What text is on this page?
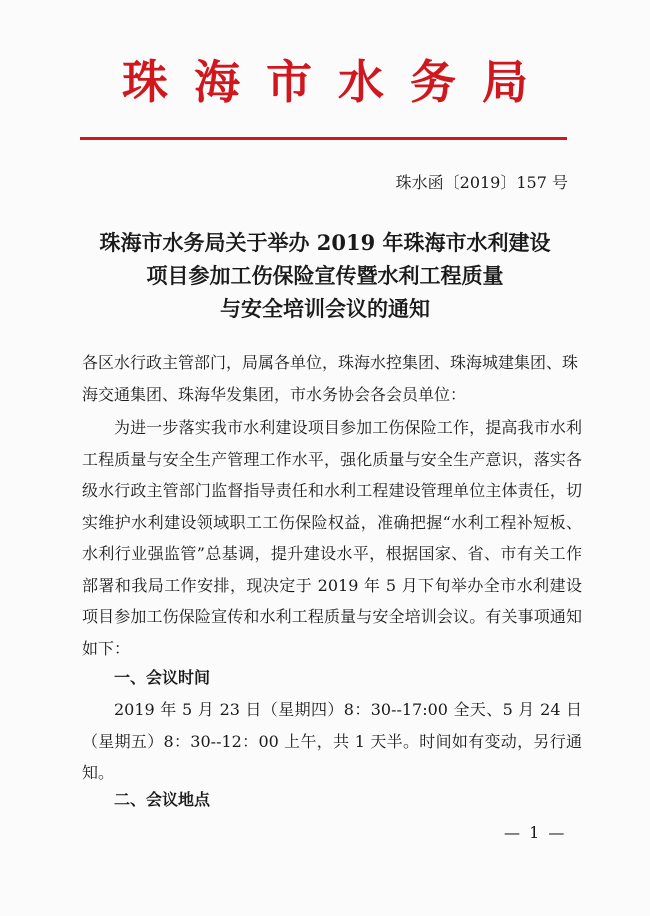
珠海市水务局
珠水函〔2019〕157 号
珠海市水务局关于举办 2019 年珠海市水利建设
项目参加工伤保险宣传暨水利工程质量
与安全培训会议的通知
各区水行政主管部门，局属各单位，珠海水控集团、珠海城建集团、珠海交通集团、珠海华发集团，市水务协会各会员单位：

为进一步落实我市水利建设项目参加工伤保险工作，提高我市水利工程质量与安全生产管理工作水平，强化质量与安全生产意识，落实各级水行政主管部门监督指导责任和水利工程建设管理单位主体责任，切实维护水利建设领域职工工伤保险权益，准确把握“水利工程补短板、水利行业强监管”总基调，提升建设水平，根据国家、省、市有关工作部署和我局工作安排，现决定于 2019 年 5 月下旬举办全市水利建设项目参加工伤保险宣传和水利工程质量与安全培训会议。有关事项通知如下：

一、会议时间

2019 年 5 月 23 日（星期四）8：30--17:00 全天、5 月 24 日（星期五）8：30--12：00 上午，共 1 天半。时间如有变动，另行通知。

二、会议地点
— 1 —
